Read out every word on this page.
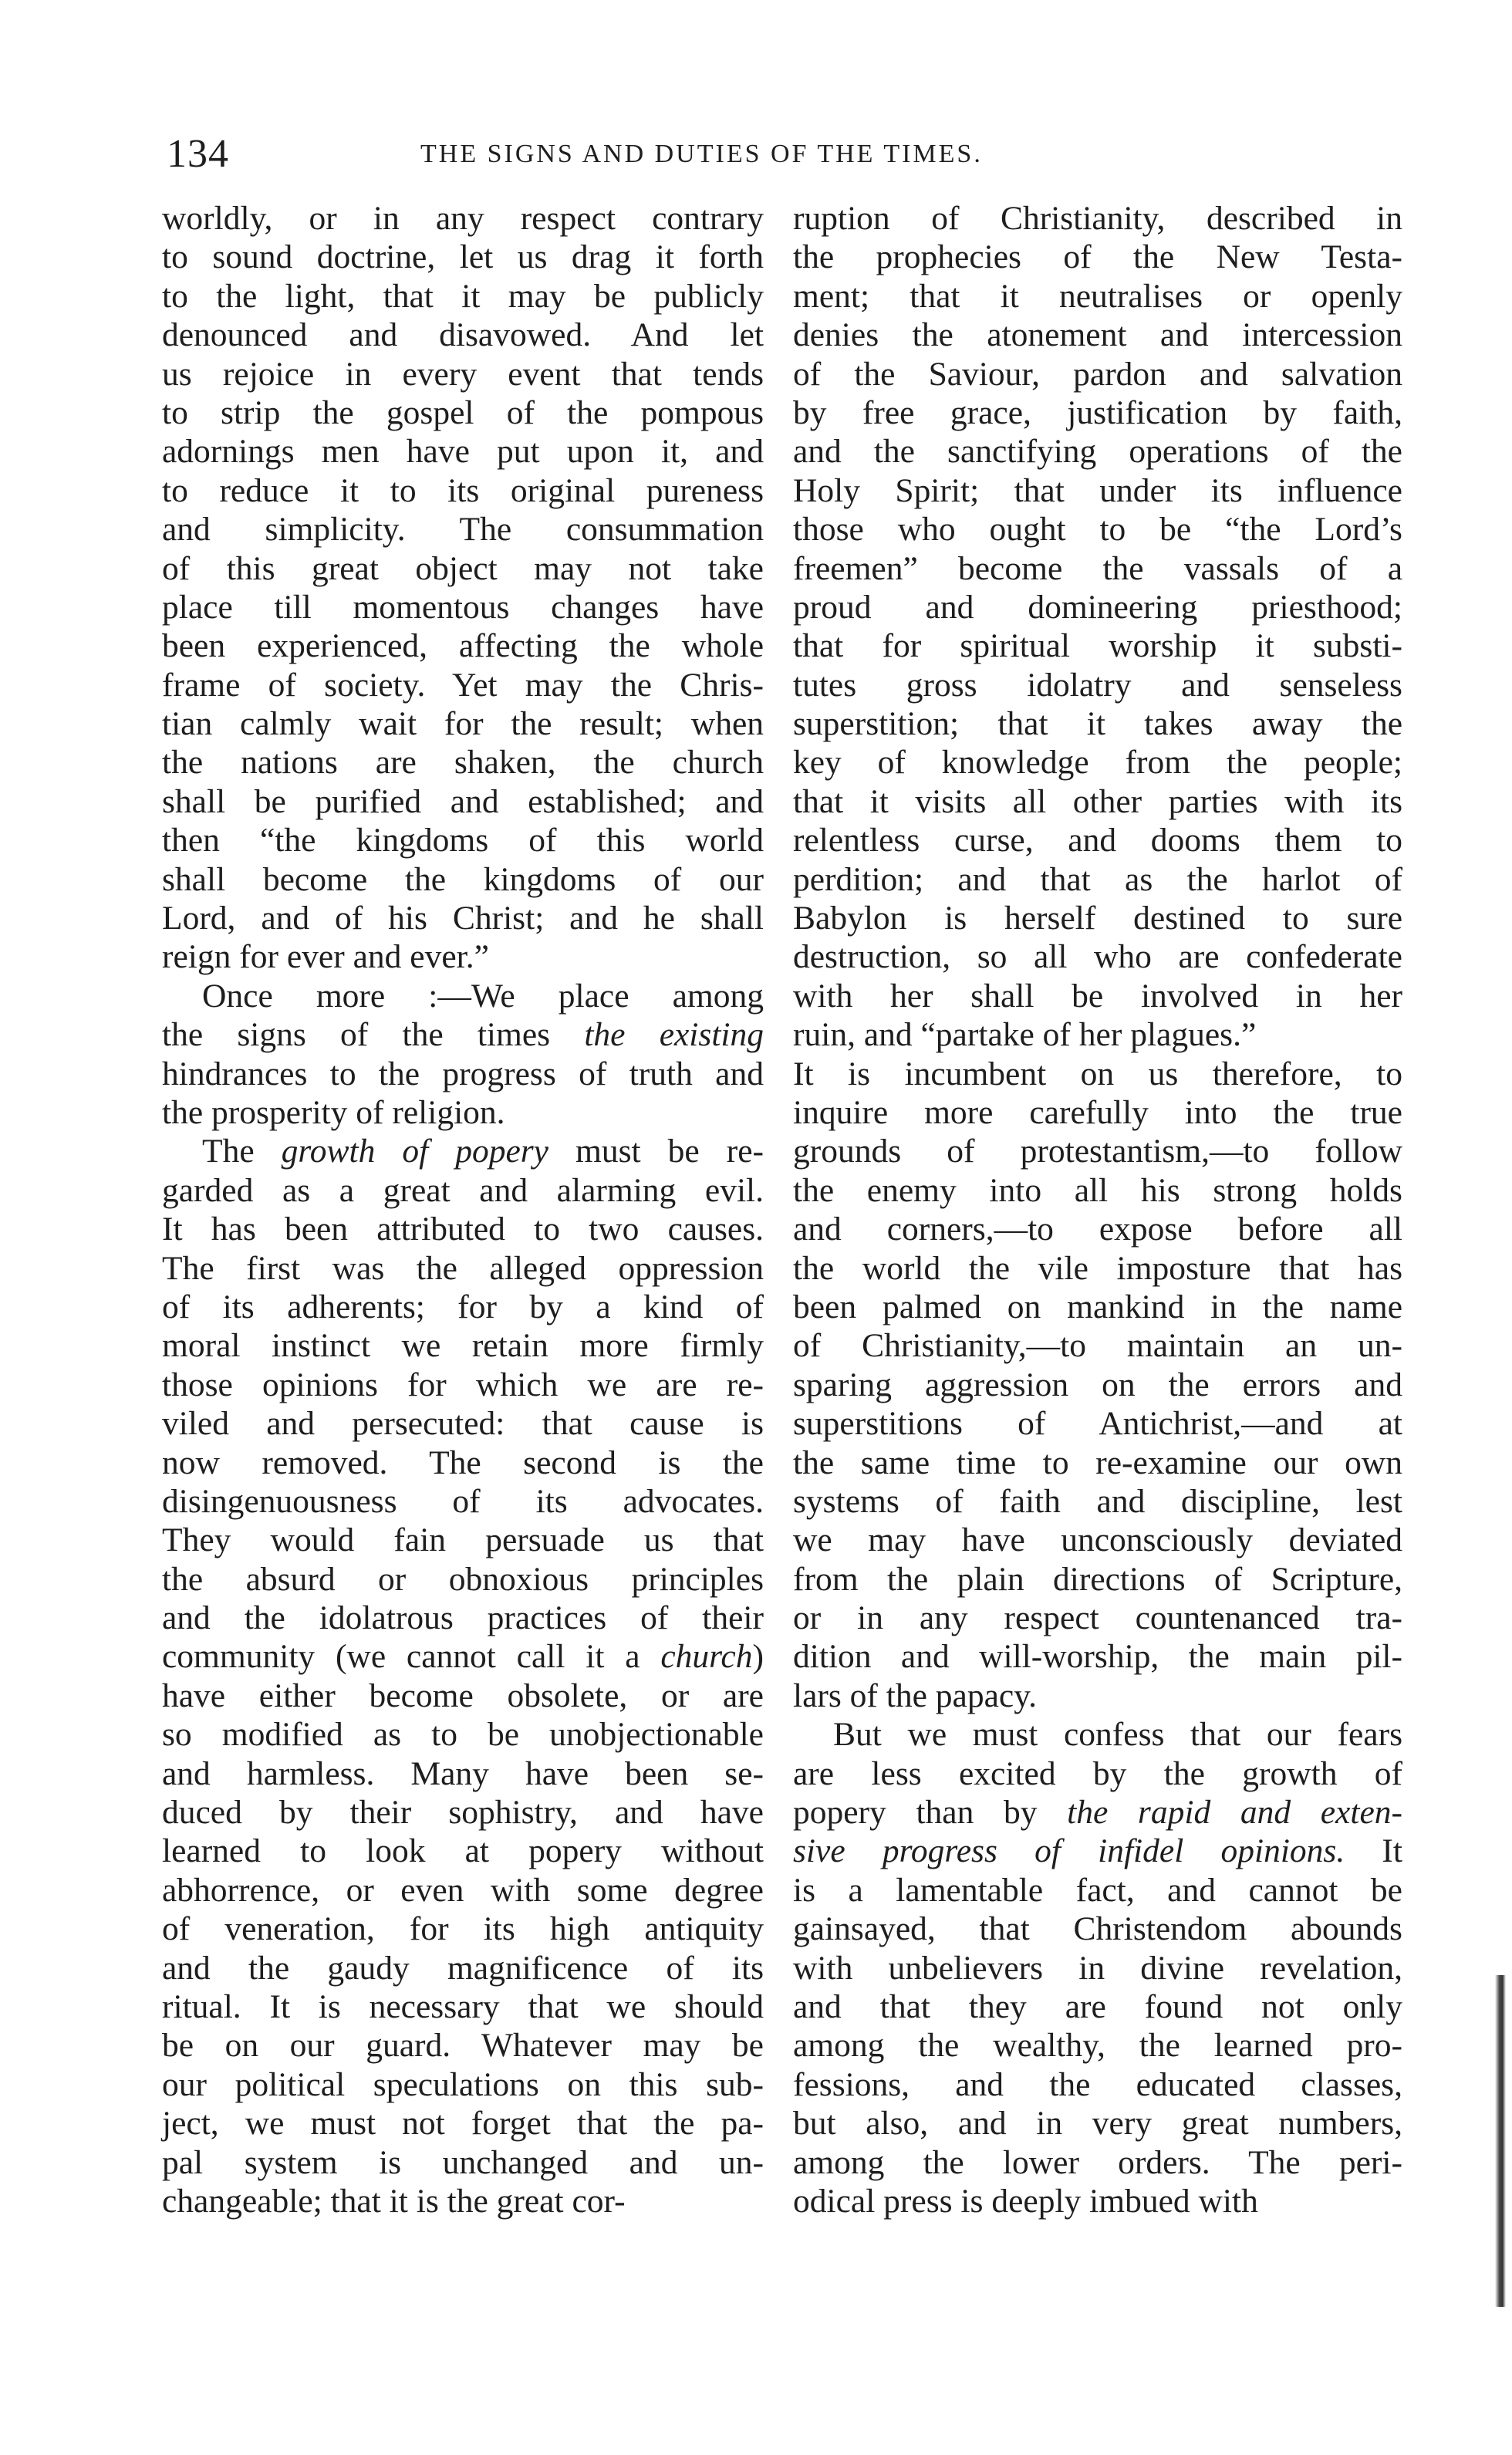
134	THE SIGNS AND DUTIES OF THE TIMES.
worldly, or in any respect contrary
to sound doctrine, let us drag it forth
to the light, that it may be publicly
denounced and disavowed. And let
us rejoice in every event that tends
to strip the gospel of the pompous
adornings men have put upon it, and
to reduce it to its original pureness
and simplicity. The consummation
of this great object may not take
place till momentous changes have
been experienced, affecting the whole
frame of society. Yet may the Chris-
tian calmly wait for the result; when
the nations are shaken, the church
shall be purified and established; and
then “the kingdoms of this world
shall become the kingdoms of our
Lord, and of his Christ; and he shall
reign for ever and ever.”
Once more :—We place among
the signs of the times the existing
hindrances to the progress of truth and
the prosperity of religion.
The growth of popery must be re-
garded as a great and alarming evil.
It has been attributed to two causes.
The first was the alleged oppression
of its adherents; for by a kind of
moral instinct we retain more firmly
those opinions for which we are re-
viled and persecuted: that cause is
now removed. The second is the
disingenuousness of its advocates.
They would fain persuade us that
the absurd or obnoxious principles
and the idolatrous practices of their
community (we cannot call it a church)
have either become obsolete, or are
so modified as to be unobjectionable
and harmless. Many have been se-
duced by their sophistry, and have
learned to look at popery without
abhorrence, or even with some degree
of veneration, for its high antiquity
and the gaudy magnificence of its
ritual. It is necessary that we should
be on our guard. Whatever may be
our political speculations on this sub-
ject, we must not forget that the pa-
pal system is unchanged and un-
changeable; that it is the great cor-
ruption of Christianity, described in
the prophecies of the New Testa-
ment; that it neutralises or openly
denies the atonement and intercession
of the Saviour, pardon and salvation
by free grace, justification by faith,
and the sanctifying operations of the
Holy Spirit; that under its influence
those who ought to be “the Lord’s
freemen” become the vassals of a
proud and domineering priesthood;
that for spiritual worship it substi-
tutes gross idolatry and senseless
superstition; that it takes away the
key of knowledge from the people;
that it visits all other parties with its
relentless curse, and dooms them to
perdition; and that as the harlot of
Babylon is herself destined to sure
destruction, so all who are confederate
with her shall be involved in her
ruin, and “partake of her plagues.”
It is incumbent on us therefore, to
inquire more carefully into the true
grounds of protestantism,—to follow
the enemy into all his strong holds
and corners,—to expose before all
the world the vile imposture that has
been palmed on mankind in the name
of Christianity,—to maintain an un-
sparing aggression on the errors and
superstitions of Antichrist,—and at
the same time to re-examine our own
systems of faith and discipline, lest
we may have unconsciously deviated
from the plain directions of Scripture,
or in any respect countenanced tra-
dition and will-worship, the main pil-
lars of the papacy.
But we must confess that our fears
are less excited by the growth of
popery than by the rapid and exten-
sive progress of infidel opinions. It
is a lamentable fact, and cannot be
gainsayed, that Christendom abounds
with unbelievers in divine revelation,
and that they are found not only
among the wealthy, the learned pro-
fessions, and the educated classes,
but also, and in very great numbers,
among the lower orders. The peri-
odical press is deeply imbued with
